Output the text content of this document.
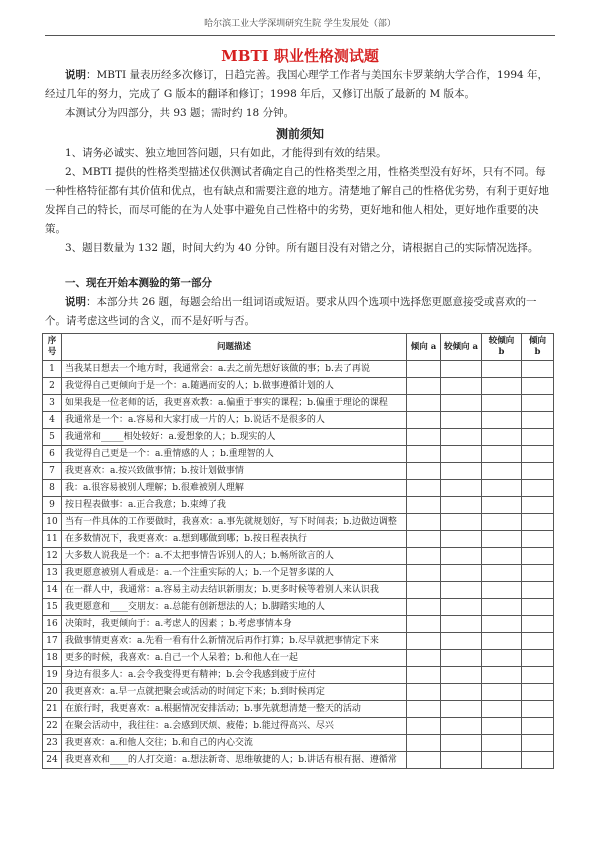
哈尔滨工业大学深圳研究生院 学生发展处（部）
MBTI 职业性格测试题

说明：MBTI 量表历经多次修订，日趋完善。我国心理学工作者与美国东卡罗莱纳大学合作，1994 年，经过几年的努力，完成了 G 版本的翻译和修订；1998 年后，又修订出版了最新的 M 版本。

本测试分为四部分，共 93 题；需时约 18 分钟。

测前须知

1、请务必诚实、独立地回答问题，只有如此，才能得到有效的结果。

2、MBTI 提供的性格类型描述仅供测试者确定自己的性格类型之用，性格类型没有好坏，只有不同。每一种性格特征都有其价值和优点，也有缺点和需要注意的地方。清楚地了解自己的性格优劣势，有利于更好地发挥自己的特长，而尽可能的在为人处事中避免自己性格中的劣势，更好地和他人相处，更好地作重要的决策。

3、题目数量为 132 题，时间大约为 40 分钟。所有题目没有对错之分，请根据自己的实际情况选择。

一、现在开始本测验的第一部分

说明：本部分共 26 题，每题会给出一组词语或短语。要求从四个选项中选择您更愿意接受或喜欢的一个。请考虑这些词的含义，而不是好听与否。

序号	问题描述	倾向 a	较倾向 a	较倾向 b	倾向 b
1	当我某日想去一个地方时，我通常会：a.去之前先想好该做的事；b.去了再说				
2	我觉得自己更倾向于是一个：a.随遇而安的人；b.做事遵循计划的人				
3	如果我是一位老师的话，我更喜欢教：a.偏重于事实的课程；b.偏重于理论的课程				
4	我通常是一个：a.容易和大家打成一片的人；b.说话不是很多的人				
5	我通常和_____相处较好：a.爱想象的人；b.现实的人				
6	我觉得自己更是一个：a.重情感的人 ；b.重理智的人				
7	我更喜欢：a.按兴致做事情；b.按计划做事情				
8	我：a.很容易被别人理解；b.很难被别人理解				
9	按日程表做事：a.正合我意；b.束缚了我				
10	当有一件具体的工作要做时，我喜欢：a.事先就规划好，写下时间表；b.边做边调整				
11	在多数情况下，我更喜欢：a.想到哪做到哪；b.按日程表执行				
12	大多数人说我是一个：a.不太把事情告诉别人的人；b.畅所欲言的人				
13	我更愿意被别人看成是：a.一个注重实际的人；b.一个足智多谋的人				
14	在一群人中，我通常：a.容易主动去结识新朋友；b.更多时候等着别人来认识我				
15	我更愿意和____交朋友：a.总能有创新想法的人；b.脚踏实地的人				
16	决策时，我更倾向于：a.考虑人的因素 ；b.考虑事情本身				
17	我做事情更喜欢：a.先看一看有什么新情况后再作打算；b.尽早就把事情定下来				
18	更多的时候，我喜欢：a.自己一个人呆着；b.和他人在一起				
19	身边有很多人：a.会令我变得更有精神；b.会令我感到疲于应付				
20	我更喜欢：a.早一点就把聚会或活动的时间定下来；b.到时候再定				
21	在旅行时，我更喜欢：a.根据情况安排活动；b.事先就想清楚一整天的活动				
22	在聚会活动中，我往往：a.会感到厌烦、疲倦；b.能过得高兴、尽兴				
23	我更喜欢：a.和他人交往；b.和自己的内心交流				
24	我更喜欢和____的人打交道：a.想法新奇、思维敏捷的人；b.讲话有根有据、遵循常				
